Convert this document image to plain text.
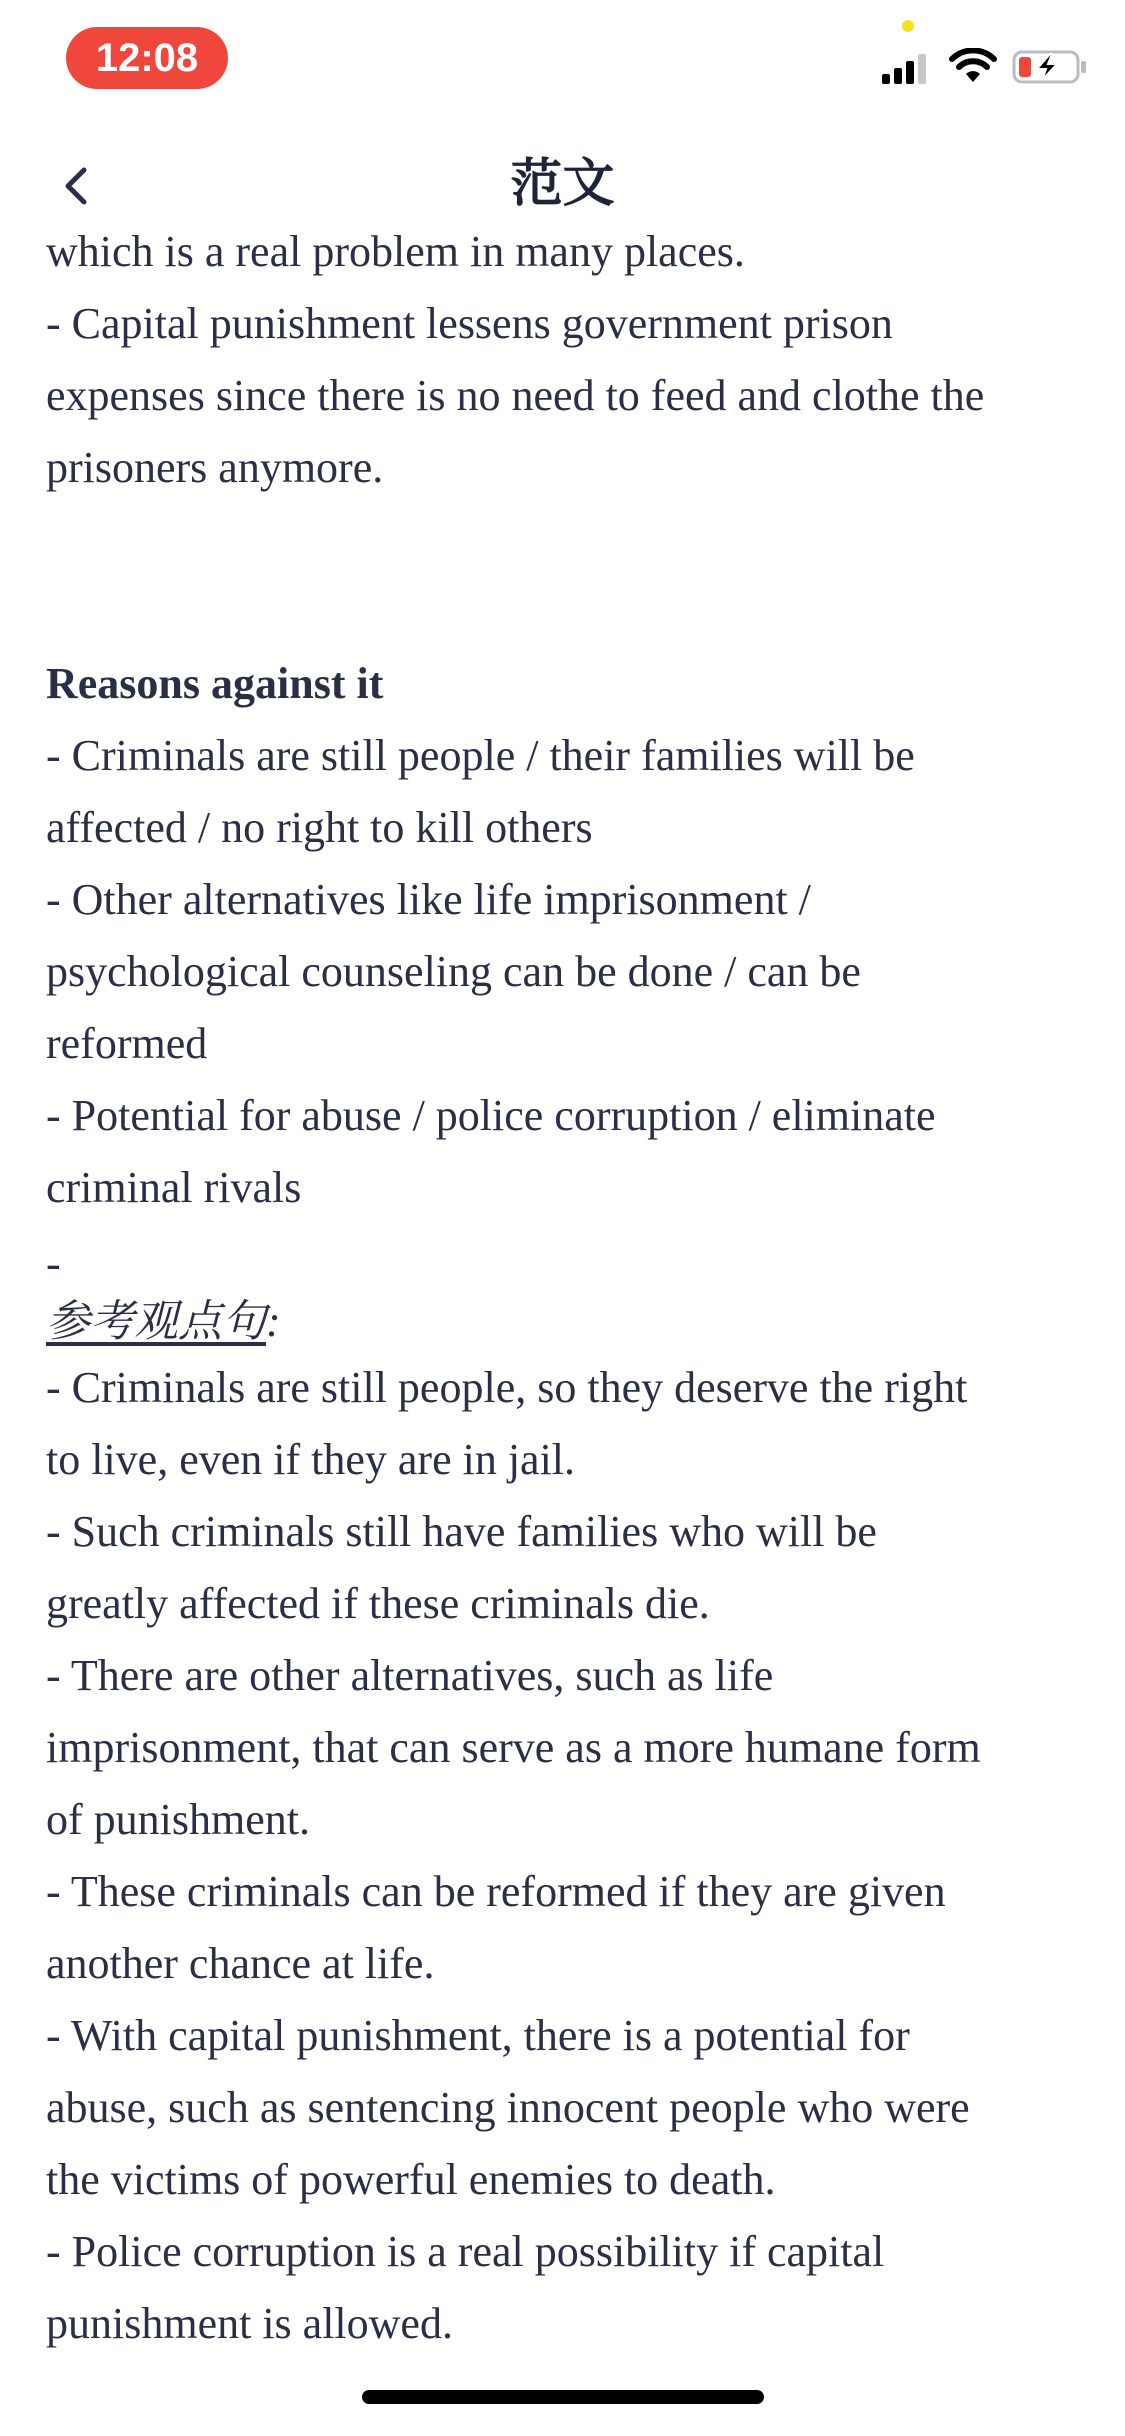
12:08
范文
which is a real problem in many places.
- Capital punishment lessens government prison
expenses since there is no need to feed and clothe the
prisoners anymore.
Reasons against it
- Criminals are still people / their families will be
affected / no right to kill others
- Other alternatives like life imprisonment /
psychological counseling can be done / can be
reformed
- Potential for abuse / police corruption / eliminate
criminal rivals
-
参考观点句:
- Criminals are still people, so they deserve the right
to live, even if they are in jail.
- Such criminals still have families who will be
greatly affected if these criminals die.
- There are other alternatives, such as life
imprisonment, that can serve as a more humane form
of punishment.
- These criminals can be reformed if they are given
another chance at life.
- With capital punishment, there is a potential for
abuse, such as sentencing innocent people who were
the victims of powerful enemies to death.
- Police corruption is a real possibility if capital
punishment is allowed.
